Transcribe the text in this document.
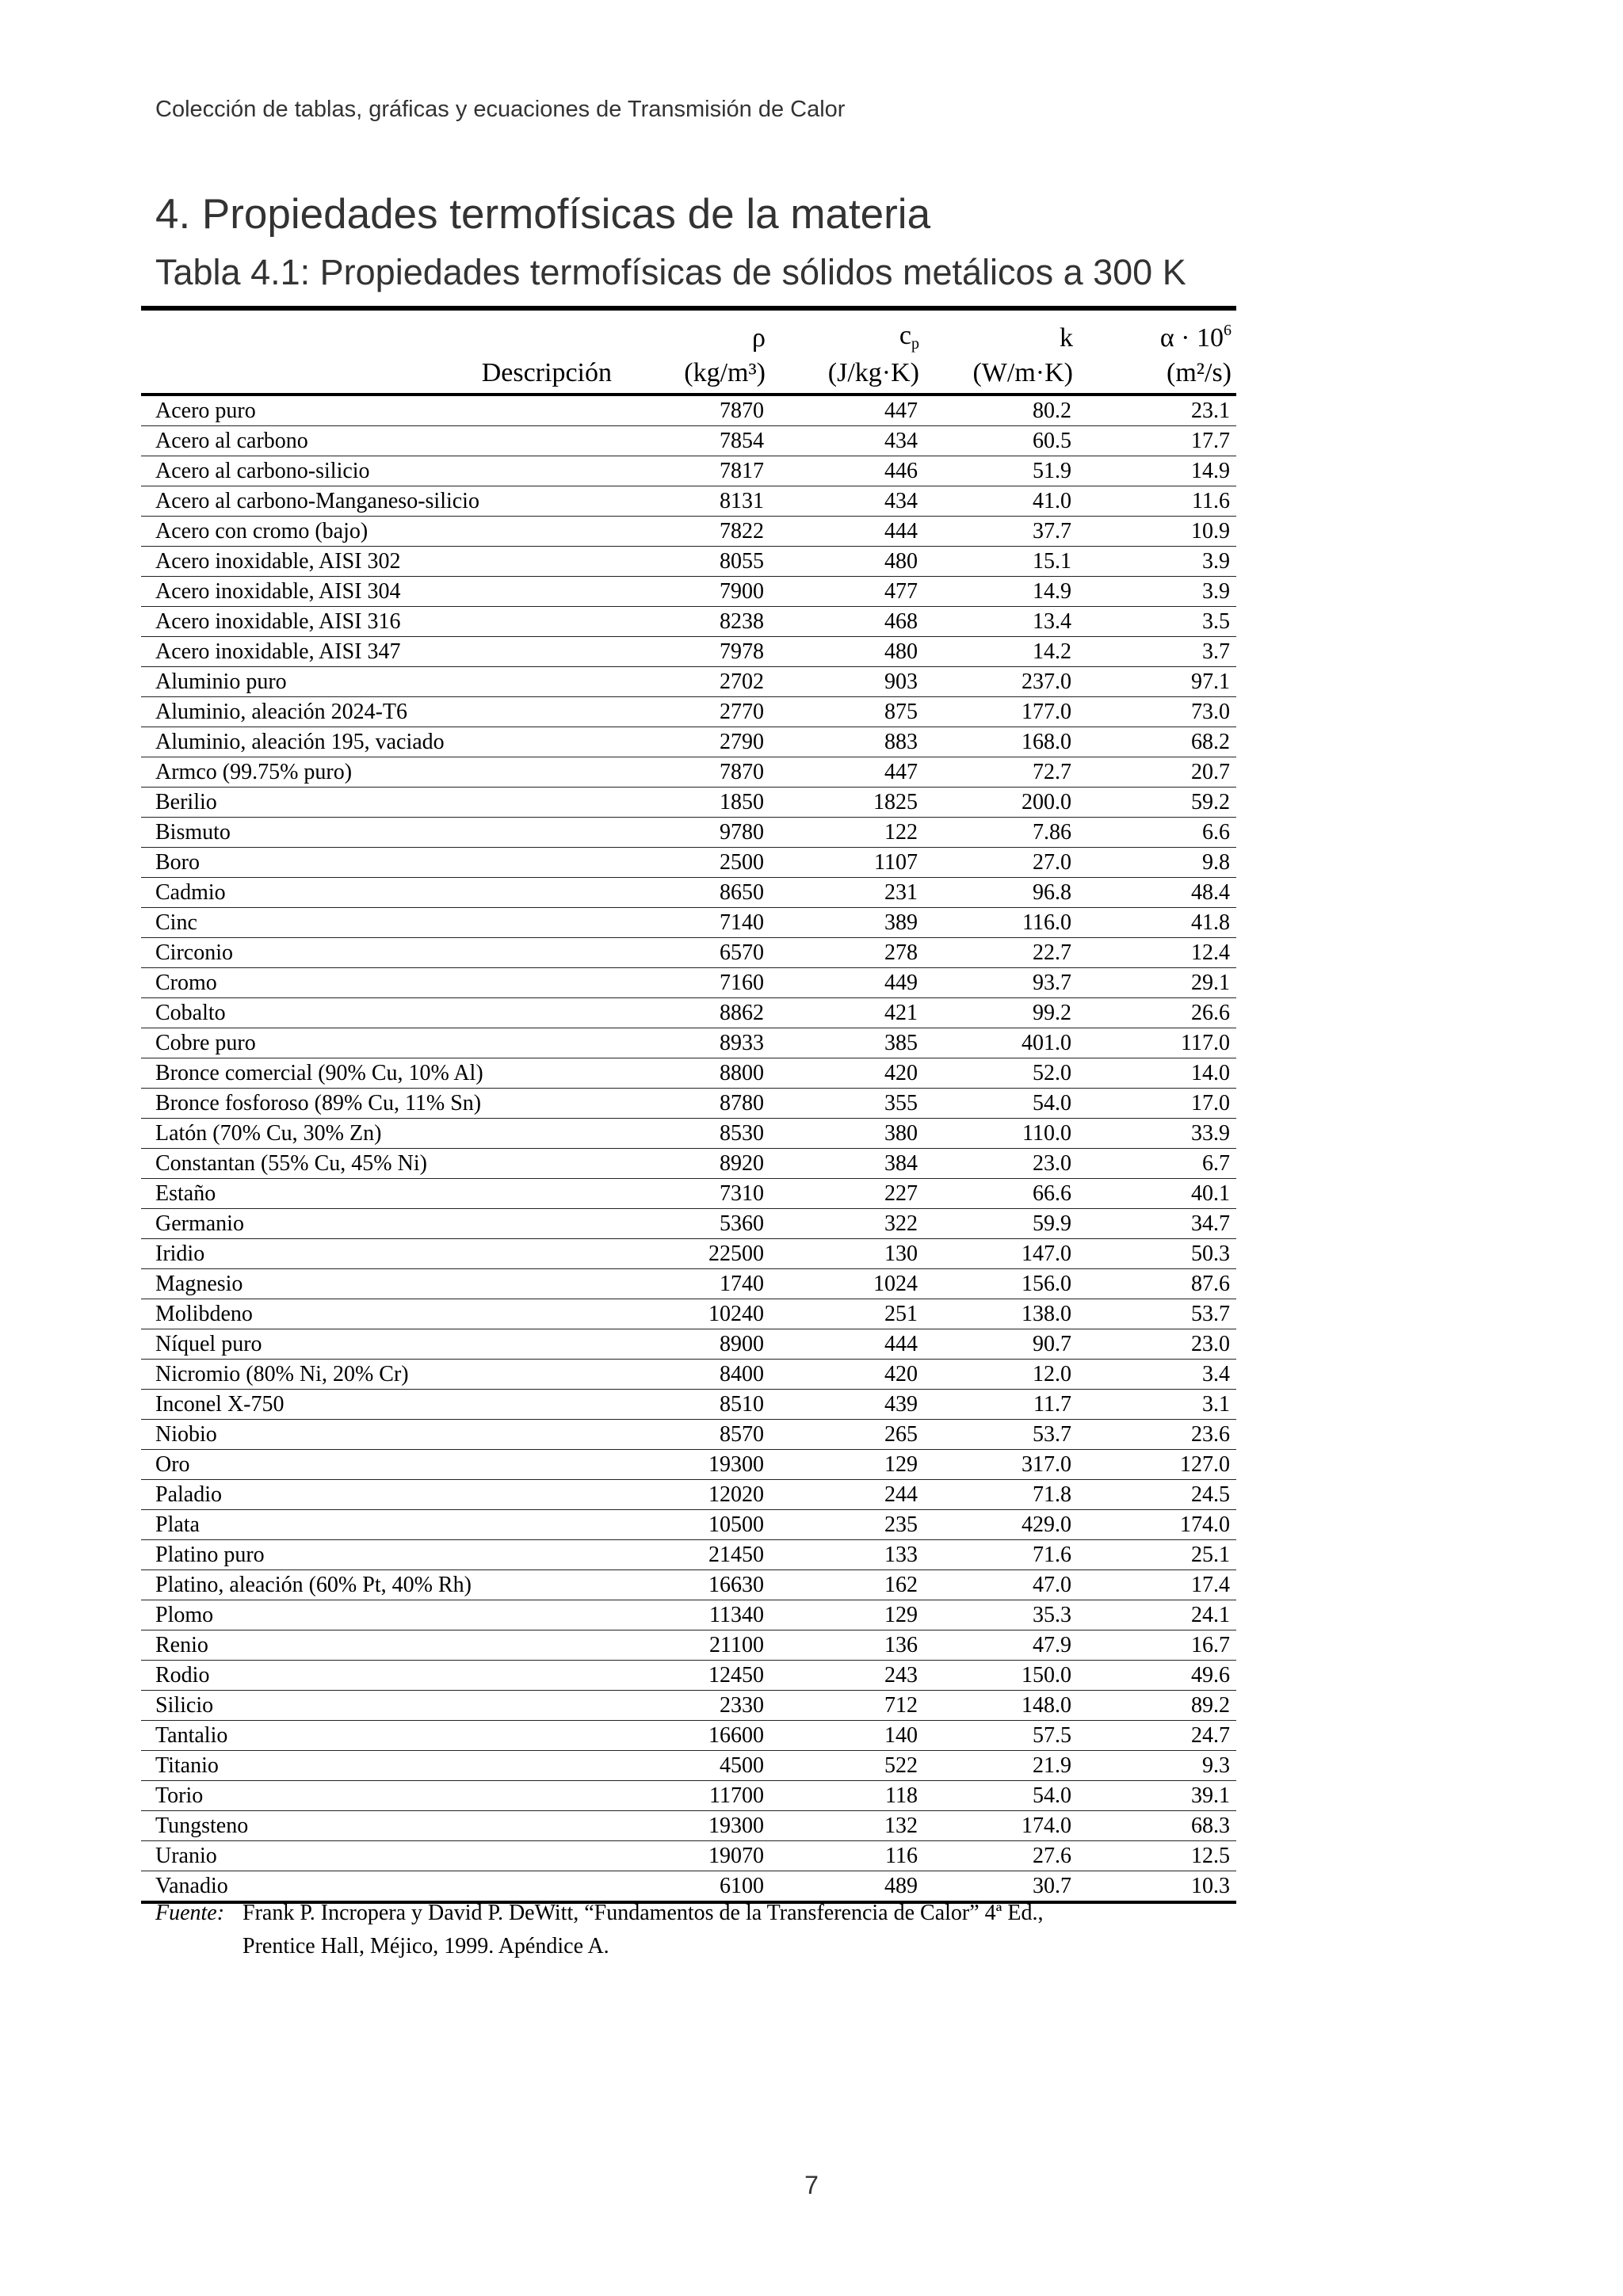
Colección de tablas, gráficas y ecuaciones de Transmisión de Calor
4. Propiedades termofísicas de la materia
Tabla 4.1: Propiedades termofísicas de sólidos metálicos a 300 K
	ρ	$c_p$	k	$\alpha \cdot 10^6$
Descripción	(kg/m³)	(J/kg·K)	(W/m·K)	(m²/s)
Acero puro	7870	447	80.2	23.1
Acero al carbono	7854	434	60.5	17.7
Acero al carbono-silicio	7817	446	51.9	14.9
Acero al carbono-Manganeso-silicio	8131	434	41.0	11.6
Acero con cromo (bajo)	7822	444	37.7	10.9
Acero inoxidable, AISI 302	8055	480	15.1	3.9
Acero inoxidable, AISI 304	7900	477	14.9	3.9
Acero inoxidable, AISI 316	8238	468	13.4	3.5
Acero inoxidable, AISI 347	7978	480	14.2	3.7
Aluminio puro	2702	903	237.0	97.1
Aluminio, aleación 2024-T6	2770	875	177.0	73.0
Aluminio, aleación 195, vaciado	2790	883	168.0	68.2
Armco (99.75% puro)	7870	447	72.7	20.7
Berilio	1850	1825	200.0	59.2
Bismuto	9780	122	7.86	6.6
Boro	2500	1107	27.0	9.8
Cadmio	8650	231	96.8	48.4
Cinc	7140	389	116.0	41.8
Circonio	6570	278	22.7	12.4
Cromo	7160	449	93.7	29.1
Cobalto	8862	421	99.2	26.6
Cobre puro	8933	385	401.0	117.0
Bronce comercial (90% Cu, 10% Al)	8800	420	52.0	14.0
Bronce fosforoso (89% Cu, 11% Sn)	8780	355	54.0	17.0
Latón (70% Cu, 30% Zn)	8530	380	110.0	33.9
Constantan (55% Cu, 45% Ni)	8920	384	23.0	6.7
Estaño	7310	227	66.6	40.1
Germanio	5360	322	59.9	34.7
Iridio	22500	130	147.0	50.3
Magnesio	1740	1024	156.0	87.6
Molibdeno	10240	251	138.0	53.7
Níquel puro	8900	444	90.7	23.0
Nicromio (80% Ni, 20% Cr)	8400	420	12.0	3.4
Inconel X-750	8510	439	11.7	3.1
Niobio	8570	265	53.7	23.6
Oro	19300	129	317.0	127.0
Paladio	12020	244	71.8	24.5
Plata	10500	235	429.0	174.0
Platino puro	21450	133	71.6	25.1
Platino, aleación (60% Pt, 40% Rh)	16630	162	47.0	17.4
Plomo	11340	129	35.3	24.1
Renio	21100	136	47.9	16.7
Rodio	12450	243	150.0	49.6
Silicio	2330	712	148.0	89.2
Tantalio	16600	140	57.5	24.7
Titanio	4500	522	21.9	9.3
Torio	11700	118	54.0	39.1
Tungsteno	19300	132	174.0	68.3
Uranio	19070	116	27.6	12.5
Vanadio	6100	489	30.7	10.3
Fuente: Frank P. Incropera y David P. DeWitt, “Fundamentos de la Transferencia de Calor” 4ª Ed.,
Prentice Hall, Méjico, 1999. Apéndice A.
7
